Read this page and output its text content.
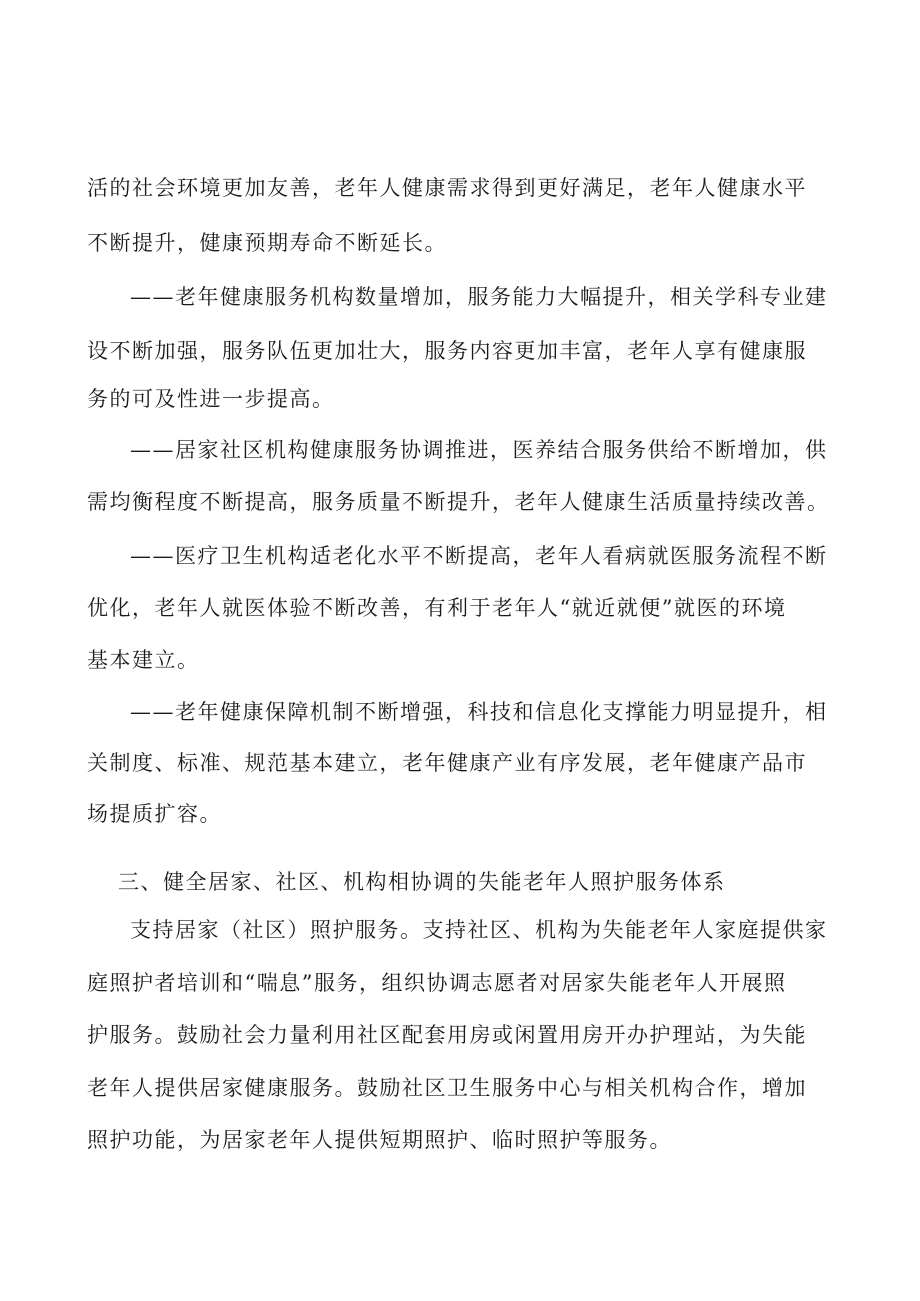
活的社会环境更加友善，老年人健康需求得到更好满足，老年人健康水平
不断提升，健康预期寿命不断延长。
——老年健康服务机构数量增加，服务能力大幅提升，相关学科专业建
设不断加强，服务队伍更加壮大，服务内容更加丰富，老年人享有健康服
务的可及性进一步提高。
——居家社区机构健康服务协调推进，医养结合服务供给不断增加，供
需均衡程度不断提高，服务质量不断提升，老年人健康生活质量持续改善。
——医疗卫生机构适老化水平不断提高，老年人看病就医服务流程不断
优化，老年人就医体验不断改善，有利于老年人“就近就便”就医的环境
基本建立。
——老年健康保障机制不断增强，科技和信息化支撑能力明显提升，相
关制度、标准、规范基本建立，老年健康产业有序发展，老年健康产品市
场提质扩容。
三、健全居家、社区、机构相协调的失能老年人照护服务体系
支持居家（社区）照护服务。支持社区、机构为失能老年人家庭提供家
庭照护者培训和“喘息”服务，组织协调志愿者对居家失能老年人开展照
护服务。鼓励社会力量利用社区配套用房或闲置用房开办护理站，为失能
老年人提供居家健康服务。鼓励社区卫生服务中心与相关机构合作，增加
照护功能，为居家老年人提供短期照护、临时照护等服务。
